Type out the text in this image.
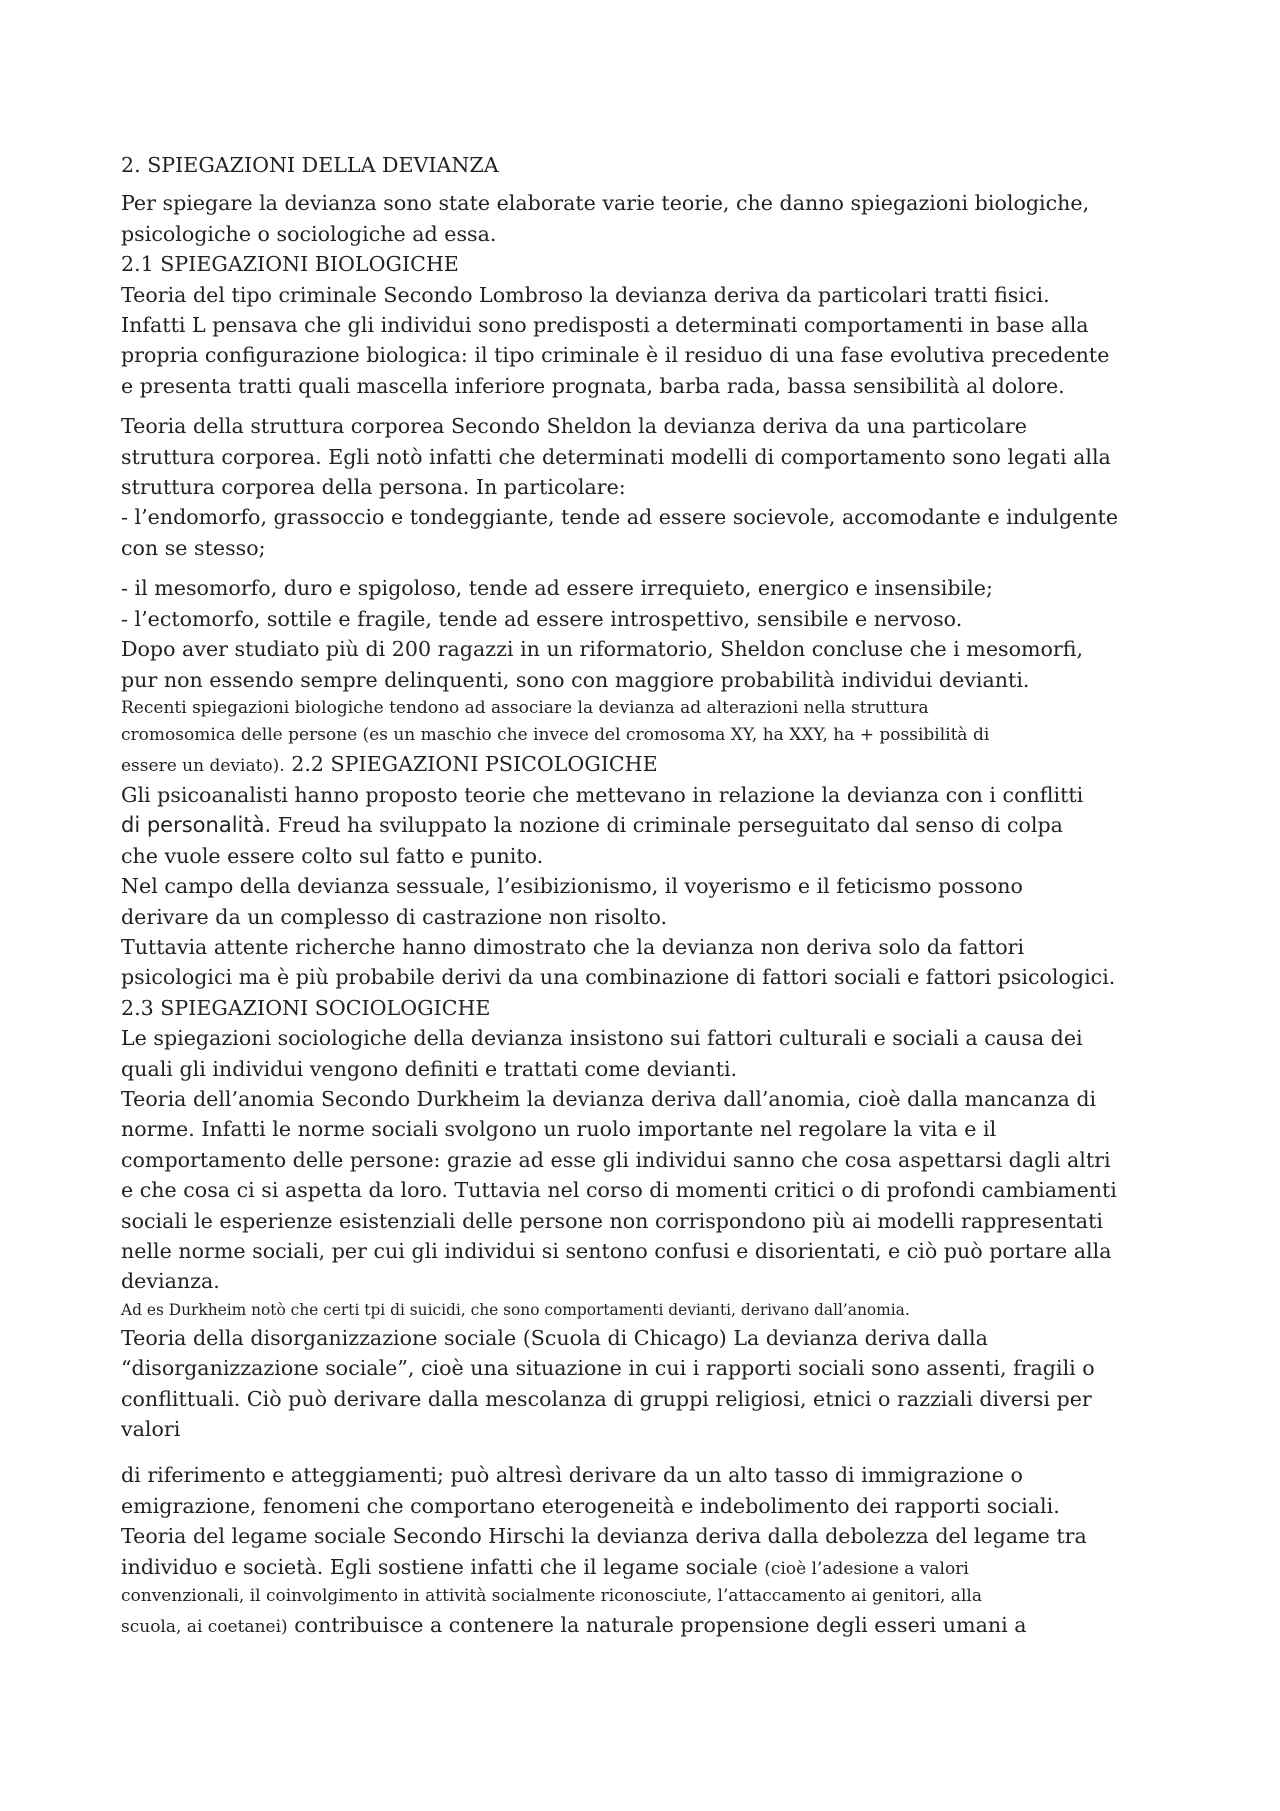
2. SPIEGAZIONI DELLA DEVIANZA
Per spiegare la devianza sono state elaborate varie teorie, che danno spiegazioni biologiche,
psicologiche o sociologiche ad essa.
2.1 SPIEGAZIONI BIOLOGICHE
Teoria del tipo criminale Secondo Lombroso la devianza deriva da particolari tratti fisici.
Infatti L pensava che gli individui sono predisposti a determinati comportamenti in base alla
propria configurazione biologica: il tipo criminale è il residuo di una fase evolutiva precedente
e presenta tratti quali mascella inferiore prognata, barba rada, bassa sensibilità al dolore.
Teoria della struttura corporea Secondo Sheldon la devianza deriva da una particolare
struttura corporea. Egli notò infatti che determinati modelli di comportamento sono legati alla
struttura corporea della persona. In particolare:
- l’endomorfo, grassoccio e tondeggiante, tende ad essere socievole, accomodante e indulgente
con se stesso;
- il mesomorfo, duro e spigoloso, tende ad essere irrequieto, energico e insensibile;
- l’ectomorfo, sottile e fragile, tende ad essere introspettivo, sensibile e nervoso.
Dopo aver studiato più di 200 ragazzi in un riformatorio, Sheldon concluse che i mesomorfi,
pur non essendo sempre delinquenti, sono con maggiore probabilità individui devianti.
Recenti spiegazioni biologiche tendono ad associare la devianza ad alterazioni nella struttura
cromosomica delle persone (es un maschio che invece del cromosoma XY, ha XXY, ha + possibilità di
essere un deviato). 2.2 SPIEGAZIONI PSICOLOGICHE
Gli psicoanalisti hanno proposto teorie che mettevano in relazione la devianza con i conflitti
di personalità. Freud ha sviluppato la nozione di criminale perseguitato dal senso di colpa
che vuole essere colto sul fatto e punito.
Nel campo della devianza sessuale, l’esibizionismo, il voyerismo e il feticismo possono
derivare da un complesso di castrazione non risolto.
Tuttavia attente richerche hanno dimostrato che la devianza non deriva solo da fattori
psicologici ma è più probabile derivi da una combinazione di fattori sociali e fattori psicologici.
2.3 SPIEGAZIONI SOCIOLOGICHE
Le spiegazioni sociologiche della devianza insistono sui fattori culturali e sociali a causa dei
quali gli individui vengono definiti e trattati come devianti.
Teoria dell’anomia Secondo Durkheim la devianza deriva dall’anomia, cioè dalla mancanza di
norme. Infatti le norme sociali svolgono un ruolo importante nel regolare la vita e il
comportamento delle persone: grazie ad esse gli individui sanno che cosa aspettarsi dagli altri
e che cosa ci si aspetta da loro. Tuttavia nel corso di momenti critici o di profondi cambiamenti
sociali le esperienze esistenziali delle persone non corrispondono più ai modelli rappresentati
nelle norme sociali, per cui gli individui si sentono confusi e disorientati, e ciò può portare alla
devianza.
Ad es Durkheim notò che certi tpi di suicidi, che sono comportamenti devianti, derivano dall’anomia.
Teoria della disorganizzazione sociale (Scuola di Chicago) La devianza deriva dalla
“disorganizzazione sociale”, cioè una situazione in cui i rapporti sociali sono assenti, fragili o
conflittuali. Ciò può derivare dalla mescolanza di gruppi religiosi, etnici o razziali diversi per
valori
di riferimento e atteggiamenti; può altresì derivare da un alto tasso di immigrazione o
emigrazione, fenomeni che comportano eterogeneità e indebolimento dei rapporti sociali.
Teoria del legame sociale Secondo Hirschi la devianza deriva dalla debolezza del legame tra
individuo e società. Egli sostiene infatti che il legame sociale (cioè l’adesione a valori
convenzionali, il coinvolgimento in attività socialmente riconosciute, l’attaccamento ai genitori, alla
scuola, ai coetanei) contribuisce a contenere la naturale propensione degli esseri umani a
